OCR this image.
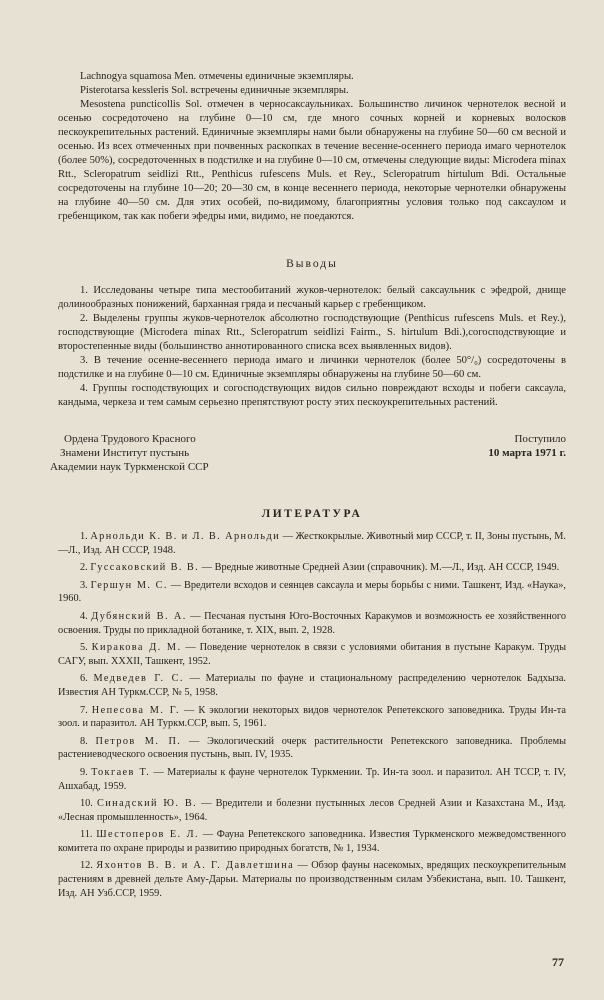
Lachnogya squamosa Men. отмечены единичные экземпляры.

Pisterotarsa kessleris Sol. встречены единичные экземпляры.

Mesostena puncticollis Sol. отмечен в черносаксаульниках. Большинство личинок чернотелок весной и осенью сосредоточено на глубине 0—10 см, где много сочных корней и корневых волосков пескоукрепительных растений. Единичные экземпляры нами были обнаружены на глубине 50—60 см весной и осенью. Из всех отмеченных при почвенных раскопках в течение весенне-осеннего периода имаго чернотелок (более 50%), сосредоточенных в подстилке и на глубине 0—10 см, отмечены следующие виды: Microdera minax Rtt., Scleropatrum seidlizi Rtt., Penthicus rufescens Muls. et Rey., Scleropatrum hirtulum Bdi. Остальные сосредоточены на глубине 10—20; 20—30 см, в конце весеннего периода, некоторые чернотелки обнаружены на глубине 40—50 см. Для этих особей, по-видимому, благоприятны условия только под саксаулом и гребенщиком, так как побеги эфедры ими, видимо, не поедаются.

Выводы

1. Исследованы четыре типа местообитаний жуков-чернотелок: белый саксаульник с эфедрой, днище долинообразных понижений, барханная гряда и песчаный карьер с гребенщиком.

2. Выделены группы жуков-чернотелок абсолютно господствующие (Penthicus rufescens Muls. et Rey.), господствующие (Microdera minax Rtt., Scleropatrum seidlizi Fairm., S. hirtulum Bdi.),согосподствующие и второстепенные виды (большинство аннотированного списка всех выявленных видов).

3. В течение осенне-весеннего периода имаго и личинки чернотелок (более 50°/₀) сосредоточены в подстилке и на глубине 0—10 см. Единичные экземпляры обнаружены на глубине 50—60 см.

4. Группы господствующих и согосподствующих видов сильно повреждают всходы и побеги саксаула, кандыма, черкеза и тем самым серьезно препятствуют росту этих пескоукрепительных растений.

Ордена Трудового Красного
Знамени Институт пустынь
Академии наук Туркменской ССР
Поступило
10 марта 1971 г.
ЛИТЕРАТУРА

1. Арнольди К. В. и Л. В. Арнольди — Жесткокрылые. Животный мир СССР, т. II, Зоны пустынь, М.—Л., Изд. АН СССР, 1948.

2. Гуссаковский В. В. — Вредные животные Средней Азии (справочник). М.—Л., Изд. АН СССР, 1949.

3. Гершун М. С. — Вредители всходов и сеянцев саксаула и меры борьбы с ними. Ташкент, Изд. «Наука», 1960.

4. Дубянский В. А. — Песчаная пустыня Юго-Восточных Каракумов и возможность ее хозяйственного освоения. Труды по прикладной ботанике, т. XIX, вып. 2, 1928.

5. Киракова Д. М. — Поведение чернотелок в связи с условиями обитания в пустыне Каракум. Труды САГУ, вып. XXXII, Ташкент, 1952.

6. Медведев Г. С. — Материалы по фауне и стациональному распределению чернотелок Бадхыза. Известия АН Туркм.ССР, № 5, 1958.

7. Непесова М. Г. — К экологии некоторых видов чернотелок Репетекского заповедника. Труды Ин-та зоол. и паразитол. АН Туркм.ССР, вып. 5, 1961.

8. Петров М. П. — Экологический очерк растительности Репетекского заповедника. Проблемы растениеводческого освоения пустынь, вып. IV, 1935.

9. Токгаев Т. — Материалы к фауне чернотелок Туркмении. Тр. Ин-та зоол. и паразитол. АН ТССР, т. IV, Ашхабад, 1959.

10. Синадский Ю. В. — Вредители и болезни пустынных лесов Средней Азии и Казахстана М., Изд. «Лесная промышленность», 1964.

11. Шестоперов Е. Л. — Фауна Репетекского заповедника. Известия Туркменского межведомственного комитета по охране природы и развитию природных богатств, № 1, 1934.

12. Яхонтов В. В. и А. Г. Давлетшина — Обзор фауны насекомых, вредящих пескоукрепительным растениям в древней дельте Аму-Дарьи. Материалы по производственным силам Узбекистана, вып. 10. Ташкент, Изд. АН Узб.ССР, 1959.

77
